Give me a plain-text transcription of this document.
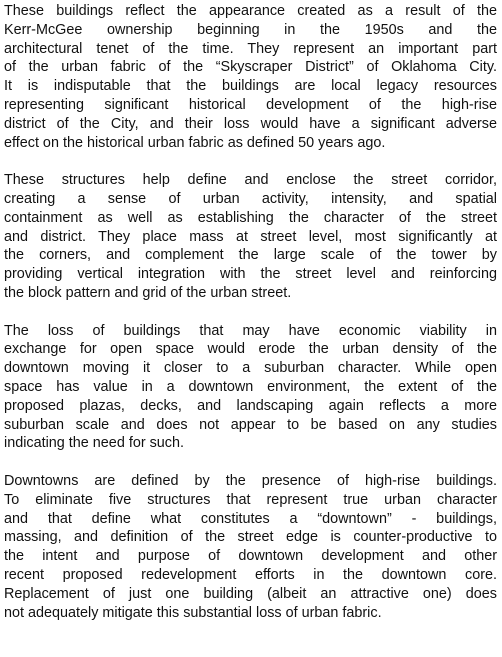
These buildings reflect the appearance created as a result of the
Kerr-McGee ownership beginning in the 1950s and the
architectural tenet of the time. They represent an important part
of the urban fabric of the “Skyscraper District” of Oklahoma City.
It is indisputable that the buildings are local legacy resources
representing significant historical development of the high-rise
district of the City, and their loss would have a significant adverse
effect on the historical urban fabric as defined 50 years ago.
These structures help define and enclose the street corridor,
creating a sense of urban activity, intensity, and spatial
containment as well as establishing the character of the street
and district. They place mass at street level, most significantly at
the corners, and complement the large scale of the tower by
providing vertical integration with the street level and reinforcing
the block pattern and grid of the urban street.
The loss of buildings that may have economic viability in
exchange for open space would erode the urban density of the
downtown moving it closer to a suburban character. While open
space has value in a downtown environment, the extent of the
proposed plazas, decks, and landscaping again reflects a more
suburban scale and does not appear to be based on any studies
indicating the need for such.
Downtowns are defined by the presence of high-rise buildings.
To eliminate five structures that represent true urban character
and that define what constitutes a “downtown” - buildings,
massing, and definition of the street edge is counter-productive to
the intent and purpose of downtown development and other
recent proposed redevelopment efforts in the downtown core.
Replacement of just one building (albeit an attractive one) does
not adequately mitigate this substantial loss of urban fabric.
